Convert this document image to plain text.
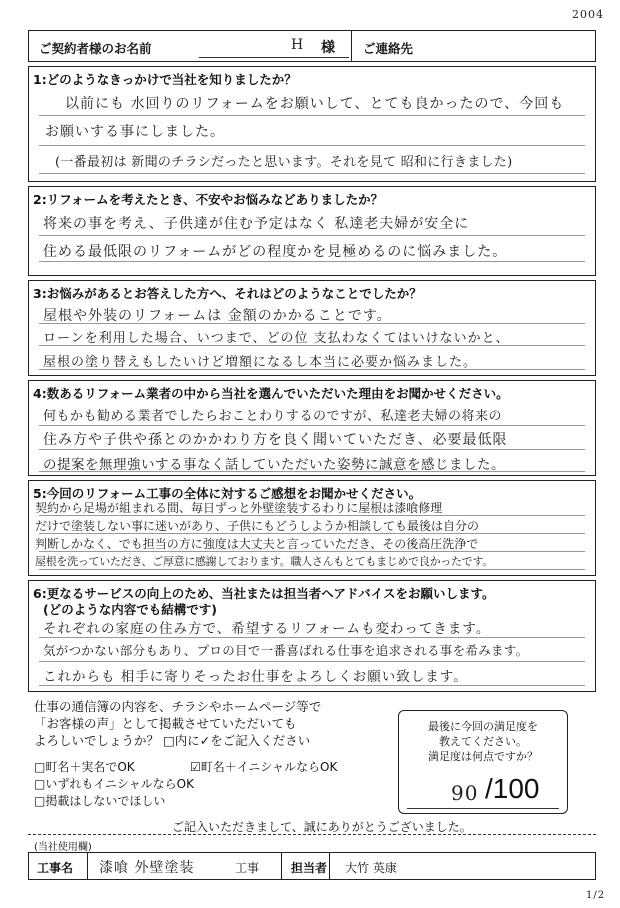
2004
1/2
ご契約者様のお名前	H 様 ご連絡先
1:どのようなきっかけで当社を知りましたか？
以前にも 水回りのリフォームをお願いして、とても良かったので、今回も
お願いする事にしました。
(一番最初は 新聞のチラシだったと思います。それを見て 昭和に行きました)
2:リフォームを考えたとき、不安やお悩みなどありましたか？
将来の事を考え、子供達が住む予定はなく 私達老夫婦が安全に
住める最低限のリフォームがどの程度かを見極めるのに悩みました。
3:お悩みがあるとお答えした方へ、それはどのようなことでしたか？
屋根や外装のリフォームは 金額のかかることです。
ローンを利用した場合、いつまで、どの位 支払わなくてはいけないかと、
屋根の塗り替えもしたいけど増額になるし本当に必要か悩みました。
4:数あるリフォーム業者の中から当社を選んでいただいた理由をお聞かせください。
何もかも勧める業者でしたらおことわりするのですが、私達老夫婦の将来の
住み方や子供や孫とのかかわり方を良く聞いていただき、必要最低限
の提案を無理強いする事なく話していただいた姿勢に誠意を感じました。
5:今回のリフォーム工事の全体に対するご感想をお聞かせください。
契約から足場が組まれる間、毎日ずっと外壁塗装するわりに屋根は漆喰修理
だけで塗装しない事に迷いがあり、子供にもどうしようか相談しても最後は自分の
判断しかなく、でも担当の方に強度は大丈夫と言っていただき、その後高圧洗浄で
屋根を洗っていただき、ご厚意に感謝しております。職人さんもとてもまじめで良かったです。
6:更なるサービスの向上のため、当社または担当者へアドバイスをお願いします。
(どのような内容でも結構です)
それぞれの家庭の住み方で、希望するリフォームも変わってきます。
気がつかない部分もあり、プロの目で一番喜ばれる仕事を追求される事を希みます。
これからも 相手に寄りそったお仕事をよろしくお願い致します。
仕事の通信簿の内容を、チラシやホームページ等で
「お客様の声」として掲載させていただいても
よろしいでしょうか？ □内に✓をご記入ください
□町名＋実名でOK	☑町名＋イニシャルならOK
□いずれもイニシャルならOK
□掲載はしないでほしい
最後に今回の満足度を
教えてください。
満足度は何点ですか？
90 /100
ご記入いただきまして、誠にありがとうございました。
(当社使用欄)
工事名 漆喰 外壁塗装	工事	担当者 大竹 英康
